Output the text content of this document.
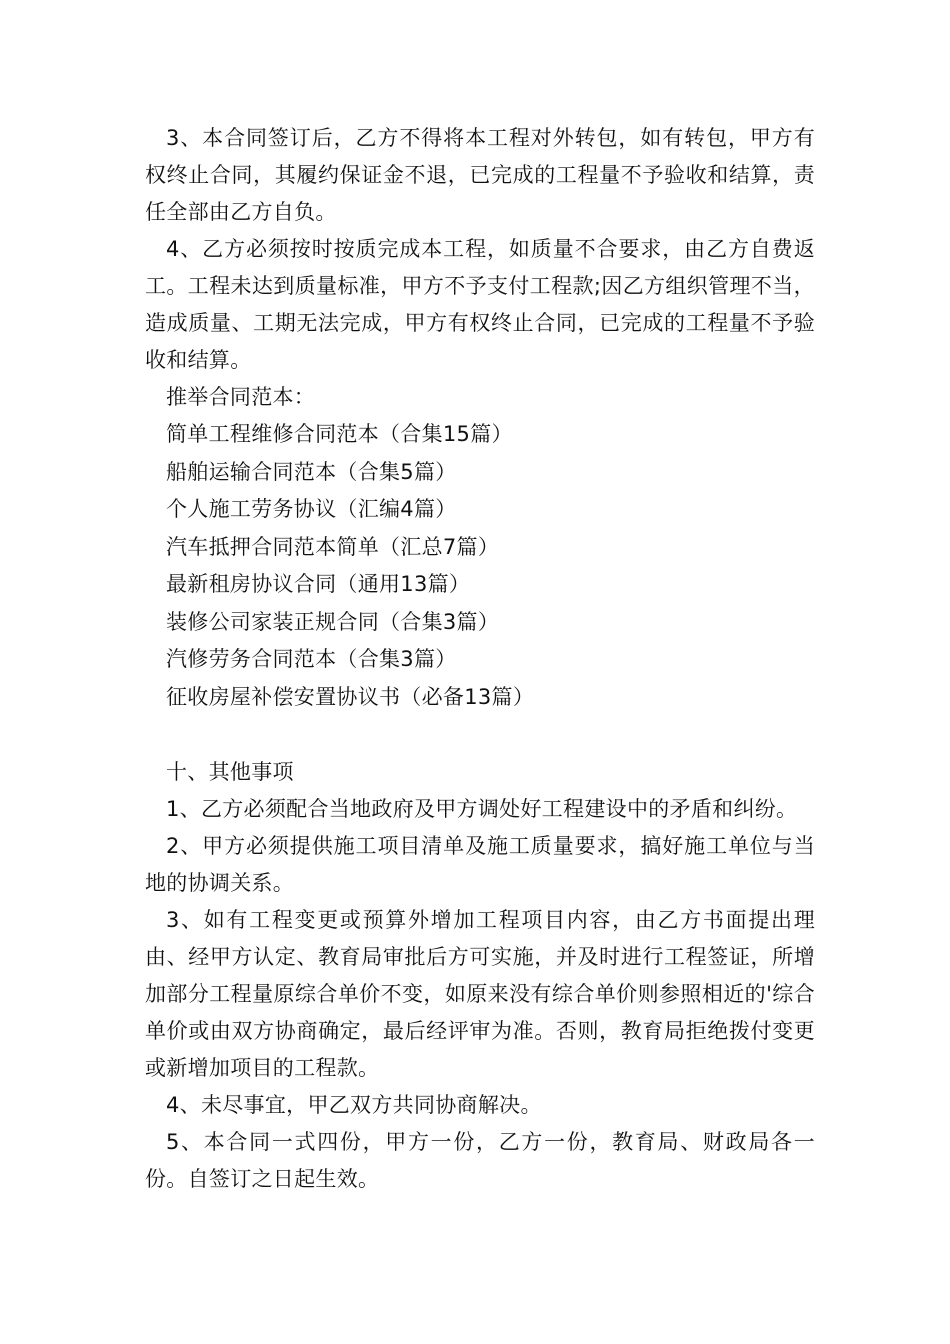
3、本合同签订后，乙方不得将本工程对外转包，如有转包，甲方有权终止合同，其履约保证金不退，已完成的工程量不予验收和结算，责任全部由乙方自负。

4、乙方必须按时按质完成本工程，如质量不合要求，由乙方自费返工。工程未达到质量标准，甲方不予支付工程款;因乙方组织管理不当，造成质量、工期无法完成，甲方有权终止合同，已完成的工程量不予验收和结算。

推举合同范本：

简单工程维修合同范本（合集15篇）
船舶运输合同范本（合集5篇）
个人施工劳务协议（汇编4篇）
汽车抵押合同范本简单（汇总7篇）
最新租房协议合同（通用13篇）
装修公司家装正规合同（合集3篇）
汽修劳务合同范本（合集3篇）
征收房屋补偿安置协议书（必备13篇）

十、其他事项

1、乙方必须配合当地政府及甲方调处好工程建设中的矛盾和纠纷。

2、甲方必须提供施工项目清单及施工质量要求，搞好施工单位与当地的协调关系。

3、如有工程变更或预算外增加工程项目内容，由乙方书面提出理由、经甲方认定、教育局审批后方可实施，并及时进行工程签证，所增加部分工程量原综合单价不变，如原来没有综合单价则参照相近的'综合单价或由双方协商确定，最后经评审为准。否则，教育局拒绝拨付变更或新增加项目的工程款。

4、未尽事宜，甲乙双方共同协商解决。

5、本合同一式四份，甲方一份，乙方一份，教育局、财政局各一份。自签订之日起生效。
